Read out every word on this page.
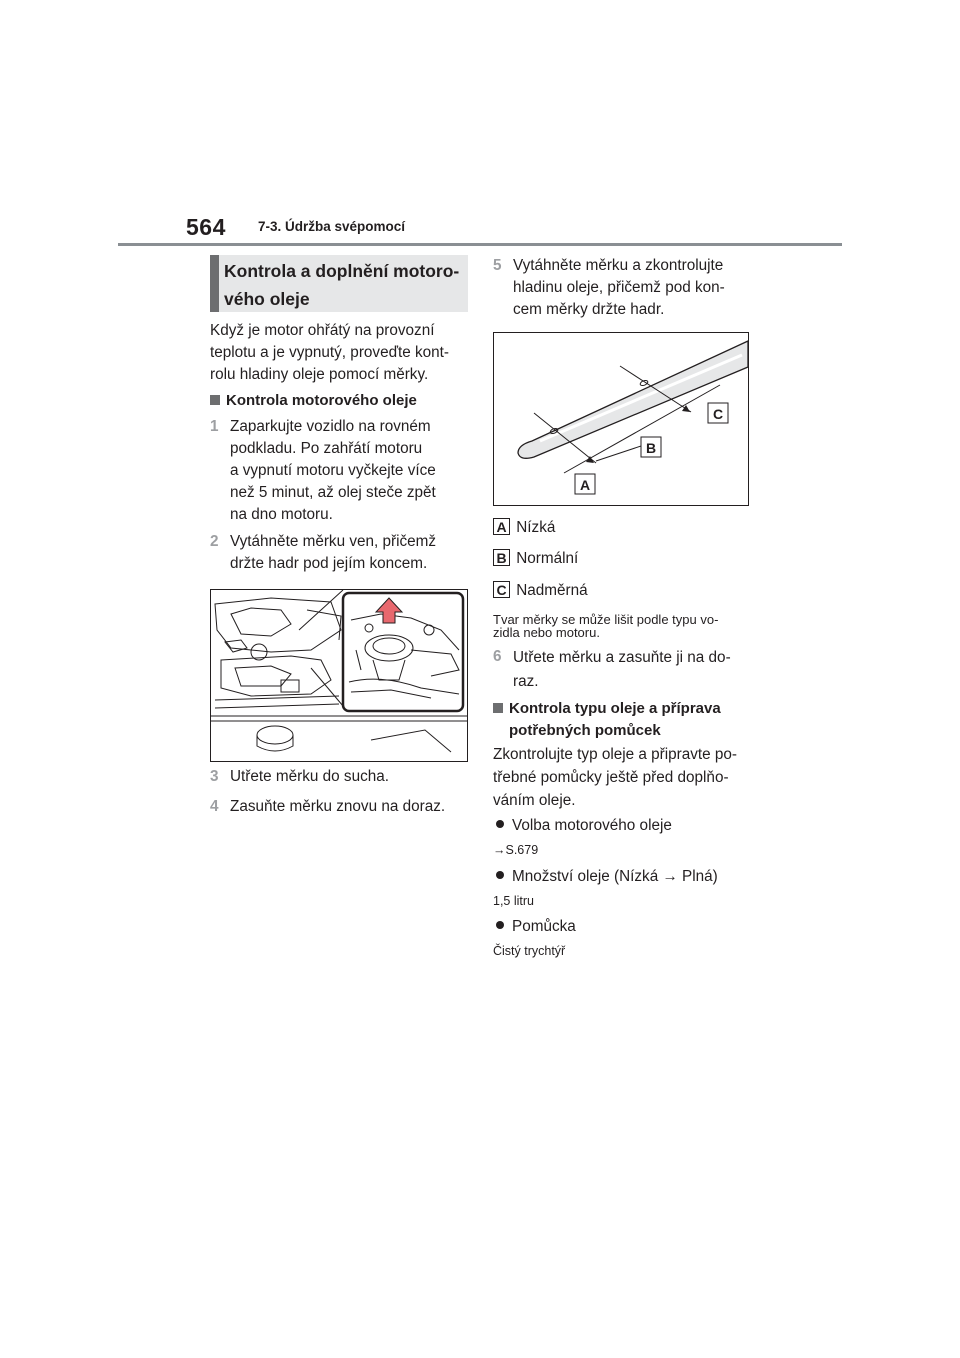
564 7-3. Údržba svépomocí
Kontrola a doplnění motoro-vého oleje
Když je motor ohřátý na provozní
teplotu a je vypnutý, proveďte kont-
rolu hladiny oleje pomocí měrky.
Kontrola motorového oleje
1 Zaparkujte vozidlo na rovném
podkladu. Po zahřátí motoru
a vypnutí motoru vyčkejte více
než 5 minut, až olej steče zpět
na dno motoru.
2 Vytáhněte měrku ven, přičemž
držte hadr pod jejím koncem.
3 Utřete měrku do sucha.
4 Zasuňte měrku znovu na doraz.
5 Vytáhněte měrku a zkontrolujte
hladinu oleje, přičemž pod kon-
cem měrky držte hadr.
A
B
C
A Nízká
B Normální
C Nadměrná
Tvar měrky se může lišit podle typu vo-
zidla nebo motoru.
6 Utřete měrku a zasuňte ji na do-
raz.
Kontrola typu oleje a příprava
potřebných pomůcek
Zkontrolujte typ oleje a připravte po-
třebné pomůcky ještě před doplňo-
váním oleje.
Volba motorového oleje
→S.679
Množství oleje (Nízká → Plná)
1,5 litru
Pomůcka
Čistý trychtýř
